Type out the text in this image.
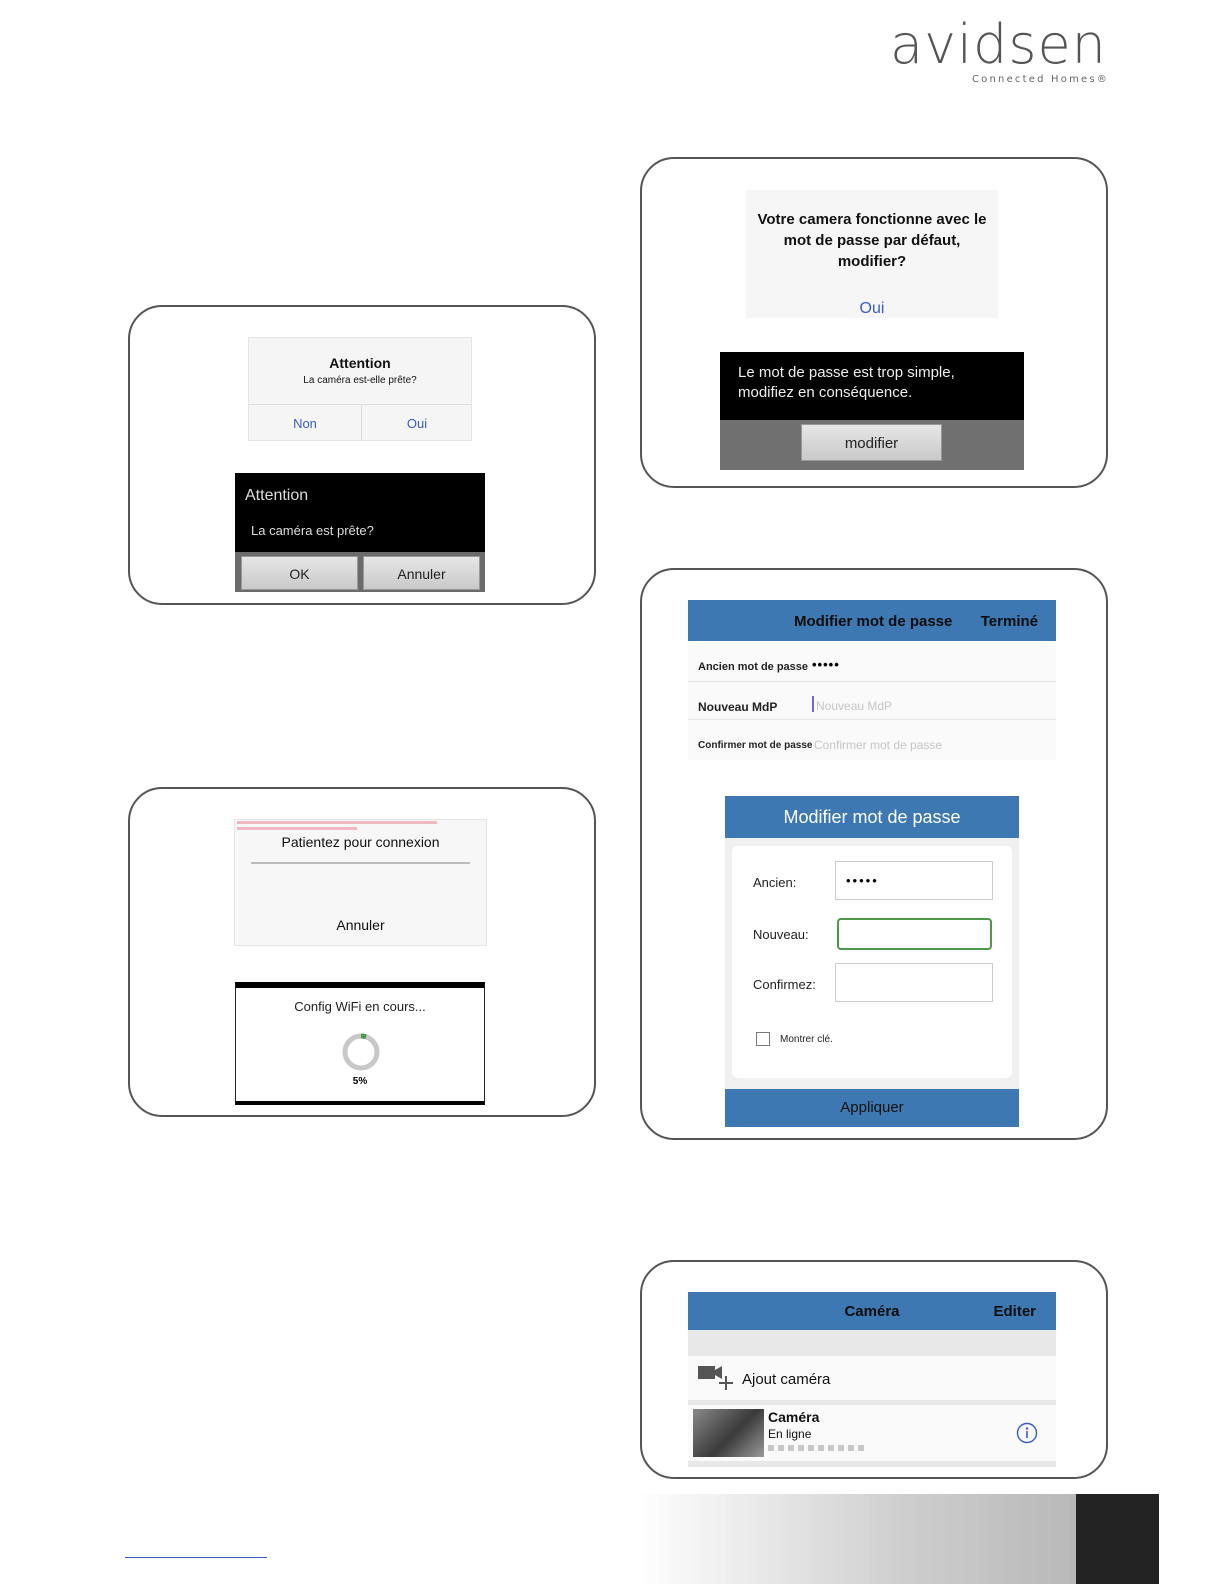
avidsen
Connected Homes®
Attention
La caméra est-elle prête?
Non	Oui
Attention
La caméra est prête?
OK	Annuler
Patientez pour connexion
Annuler
Config WiFi en cours...
5%
Votre camera fonctionne avec le mot de passe par défaut, modifier?
Oui
Le mot de passe est trop simple, modifiez en conséquence.
modifier
Modifier mot de passe Terminé
Ancien mot de passe •••••
Nouveau MdP	Nouveau MdP
Confirmer mot de passe Confirmer mot de passe
Modifier mot de passe
Ancien:	•••••
Nouveau:
Confirmez:
Montrer clé.
Appliquer
Caméra	Editer
Ajout caméra
Caméra
En ligne
